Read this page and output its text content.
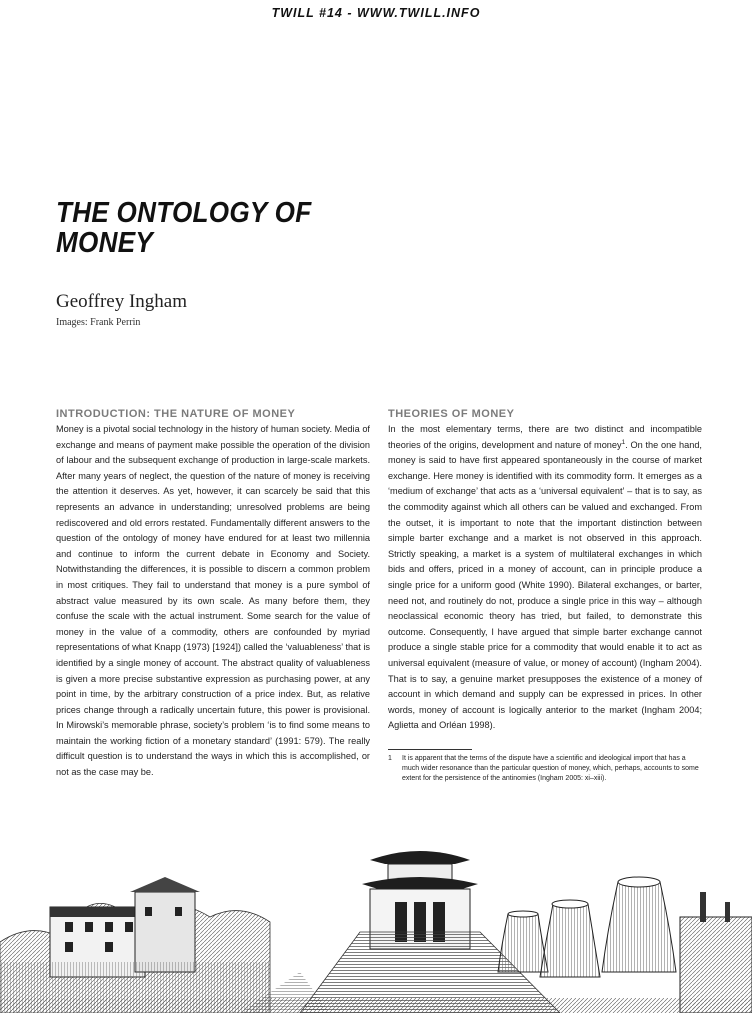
TWILL #14 - WWW.TWILL.INFO
THE ONTOLOGY OF
MONEY
Geoffrey Ingham
Images: Frank Perrin
INTRODUCTION: THE NATURE OF MONEY

Money is a pivotal social technology in the history of human society. Media of exchange and means of payment make possible the operation of the division of labour and the subsequent exchange of production in large-scale markets. After many years of neglect, the question of the nature of money is receiving the attention it deserves. As yet, however, it can scarcely be said that this represents an advance in understanding; unresolved problems are being rediscovered and old errors restated. Fundamentally different answers to the question of the ontology of money have endured for at least two millennia and continue to inform the current debate in Economy and Society. Notwithstanding the differences, it is possible to discern a common problem in most critiques. They fail to understand that money is a pure symbol of abstract value measured by its own scale. As many before them, they confuse the scale with the actual instrument. Some search for the value of money in the value of a commodity, others are confounded by myriad representations of what Knapp (1973) [1924]) called the ‘valuableness’ that is identified by a single money of account. The abstract quality of valuableness is given a more precise substantive expression as purchasing power, at any point in time, by the arbitrary construction of a price index. But, as relative prices change through a radically uncertain future, this power is provisional. In Mirowski’s memorable phrase, society’s problem ‘is to find some means to maintain the working fiction of a monetary standard’ (1991: 579). The really difficult question is to understand the ways in which this is accomplished, or not as the case may be.

THEORIES OF MONEY

In the most elementary terms, there are two distinct and incompatible theories of the origins, development and nature of money$^1$. On the one hand, money is said to have first appeared spontaneously in the course of market exchange. Here money is identified with its commodity form. It emerges as a ‘medium of exchange’ that acts as a ‘universal equivalent’ – that is to say, as the commodity against which all others can be valued and exchanged. From the outset, it is important to note that the important distinction between simple barter exchange and a market is not observed in this approach. Strictly speaking, a market is a system of multilateral exchanges in which bids and offers, priced in a money of account, can in principle produce a single price for a uniform good (White 1990). Bilateral exchanges, or barter, need not, and routinely do not, produce a single price in this way – although neoclassical economic theory has tried, but failed, to demonstrate this outcome. Consequently, I have argued that simple barter exchange cannot produce a single stable price for a commodity that would enable it to act as universal equivalent (measure of value, or money of account) (Ingham 2004). That is to say, a genuine market presupposes the existence of a money of account in which demand and supply can be expressed in prices. In other words, money of account is logically anterior to the market (Ingham 2004; Aglietta and Orléan 1998).

1	It is apparent that the terms of the dispute have a scientific and ideological import that has a much wider resonance than the particular question of money, which, perhaps, accounts to some extent for the persistence of the antinomies (Ingham 2005: xi–xiii).
